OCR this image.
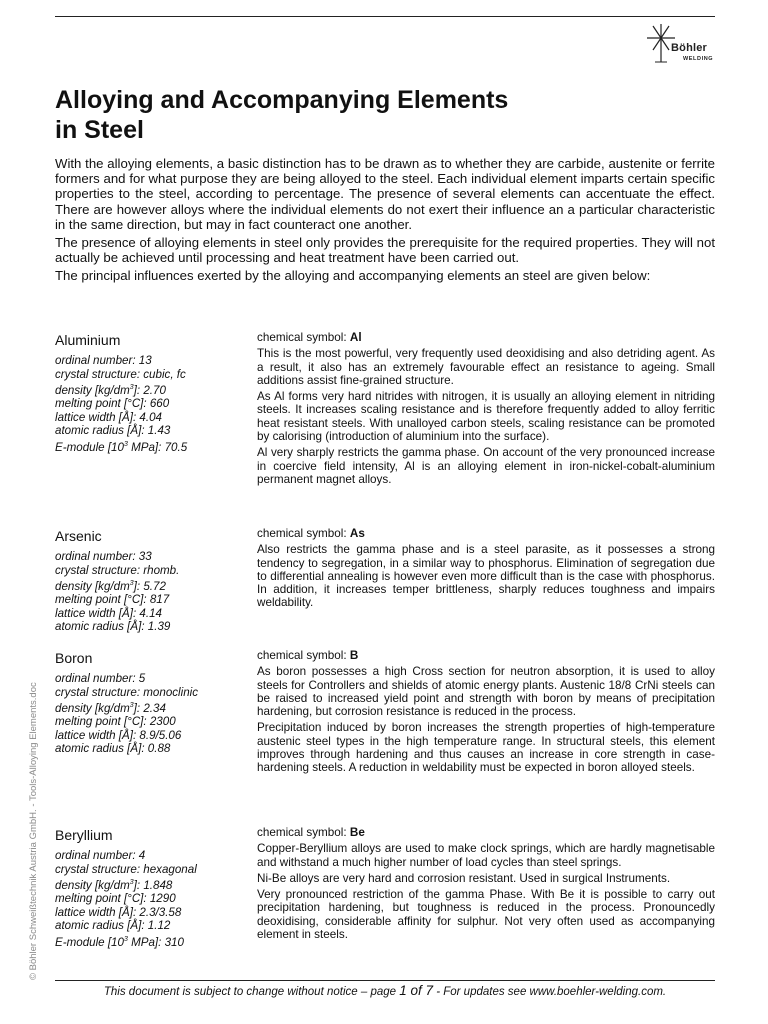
Böhler
WELDING
Alloying and Accompanying Elements
in Steel

With the alloying elements, a basic distinction has to be drawn as to whether they are carbide, austenite or ferrite formers and for what purpose they are being alloyed to the steel. Each individual element imparts certain specific properties to the steel, according to percentage. The presence of several elements can accentuate the effect. There are however alloys where the individual elements do not exert their influence an a particular characteristic in the same direction, but may in fact counteract one another.

The presence of alloying elements in steel only provides the prerequisite for the required properties. They will not actually be achieved until processing and heat treatment have been carried out.

The principal influences exerted by the alloying and accompanying elements an steel are given below:

Aluminium
ordinal number: 13
crystal structure: cubic, fc
density $[kg/dm^3]$: 2.70
melting point [°C]: 660
lattice width [Å]: 4.04
atomic radius [Å]: 1.43
E-module [$10^3$ MPa]: 70.5
chemical symbol: Al

This is the most powerful, very frequently used deoxidising and also detriding agent. As a result, it also has an extremely favourable effect an resistance to ageing. Small additions assist fine-grained structure.

As Al forms very hard nitrides with nitrogen, it is usually an alloying element in nitriding steels. It increases scaling resistance and is therefore frequently added to alloy ferritic heat resistant steels. With unalloyed carbon steels, scaling resistance can be promoted by calorising (introduction of aluminium into the surface).

Al very sharply restricts the gamma phase. On account of the very pronounced increase in coercive field intensity, Al is an alloying element in iron-nickel-cobalt-aluminium permanent magnet alloys.

Arsenic
ordinal number: 33
crystal structure: rhomb.
density $[kg/dm^3]$: 5.72
melting point [°C]: 817
lattice width [Å]: 4.14
atomic radius [Å]: 1.39
chemical symbol: As

Also restricts the gamma phase and is a steel parasite, as it possesses a strong tendency to segregation, in a similar way to phosphorus. Elimination of segregation due to differential annealing is however even more difficult than is the case with phosphorus. In addition, it increases temper brittleness, sharply reduces toughness and impairs weldability.

Boron
ordinal number: 5
crystal structure: monoclinic
density $[kg/dm^3]$: 2.34
melting point [°C]: 2300
lattice width [Å]: 8.9/5.06
atomic radius [Å]: 0.88
chemical symbol: B

As boron possesses a high Cross section for neutron absorption, it is used to alloy steels for Controllers and shields of atomic energy plants. Austenic 18/8 CrNi steels can be raised to increased yield point and strength with boron by means of precipitation hardening, but corrosion resistance is reduced in the process.

Precipitation induced by boron increases the strength properties of high-temperature austenic steel types in the high temperature range. In structural steels, this element improves through hardening and thus causes an increase in core strength in case-hardening steels. A reduction in weldability must be expected in boron alloyed steels.

Beryllium
ordinal number: 4
crystal structure: hexagonal
density $[kg/dm^3]$: 1.848
melting point [°C]: 1290
lattice width [Å]: 2.3/3.58
atomic radius [Å]: 1.12
E-module [$10^3$ MPa]: 310
chemical symbol: Be

Copper-Beryllium alloys are used to make clock springs, which are hardly magnetisable and withstand a much higher number of load cycles than steel springs.

Ni-Be alloys are very hard and corrosion resistant. Used in surgical Instruments.

Very pronounced restriction of the gamma Phase. With Be it is possible to carry out precipitation hardening, but toughness is reduced in the process. Pronouncedly deoxidising, considerable affinity for sulphur. Not very often used as accompanying element in steels.

© Böhler Schweißtechnik Austria GmbH. - Tools-Alloying Elements.doc
This document is subject to change without notice – page 1 of 7 - For updates see www.boehler-welding.com.
